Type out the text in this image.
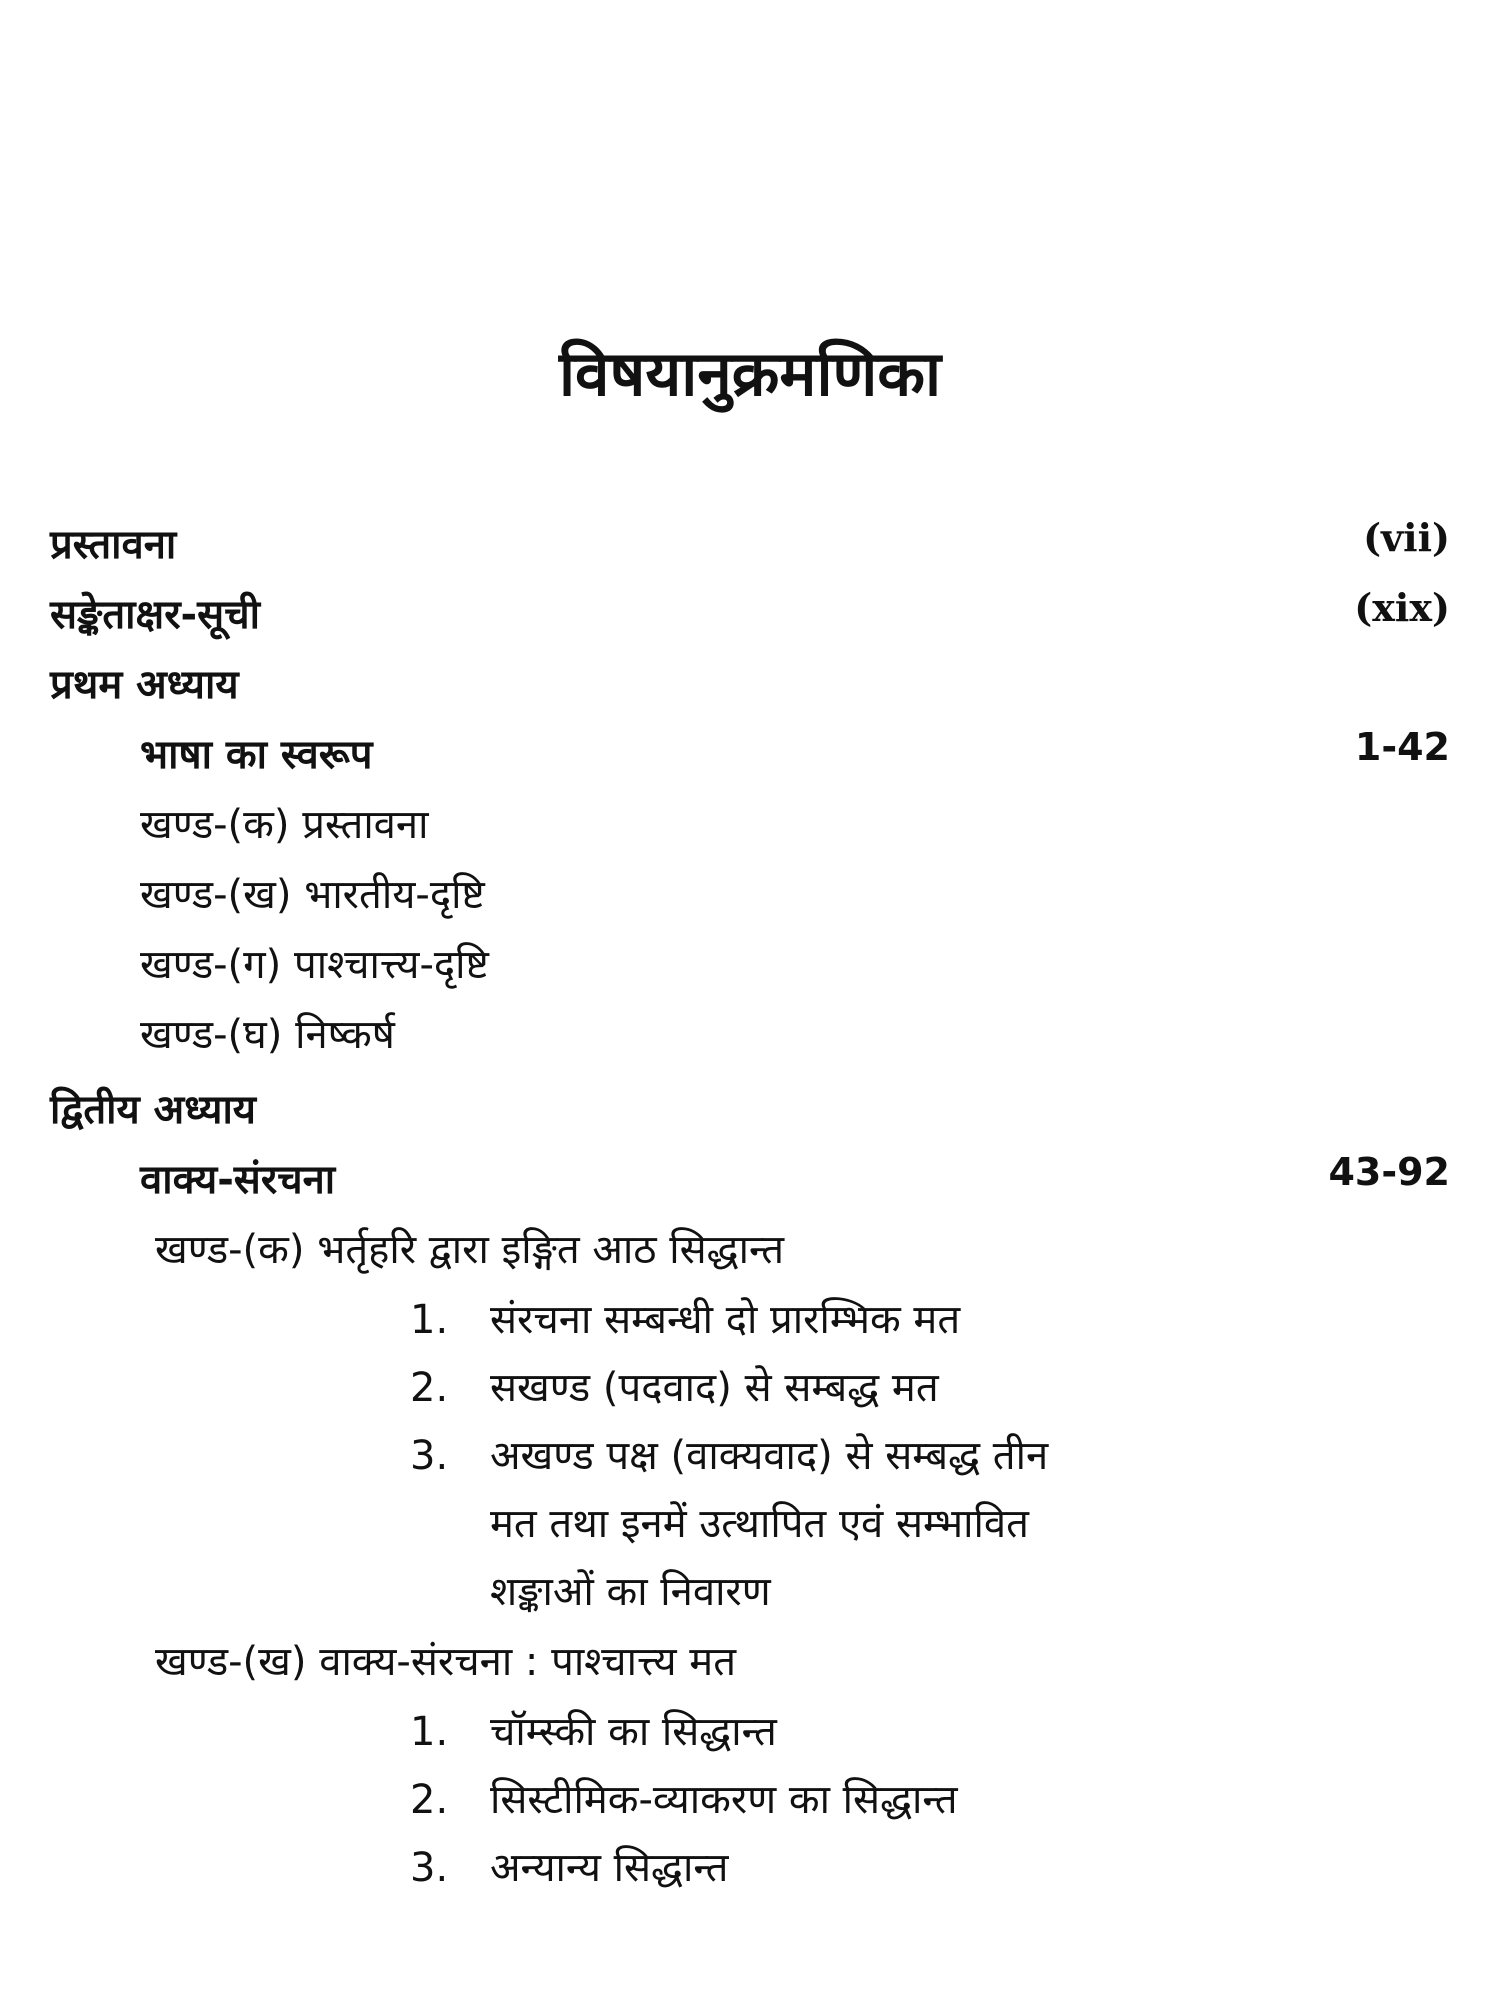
विषयानुक्रमणिका
प्रस्तावना	(vii)
सङ्केताक्षर-सूची	(xix)
प्रथम अध्याय
भाषा का स्वरूप	1-42
खण्ड-(क) प्रस्तावना
खण्ड-(ख) भारतीय-दृष्टि
खण्ड-(ग) पाश्चात्त्य-दृष्टि
खण्ड-(घ) निष्कर्ष
द्वितीय अध्याय
वाक्य-संरचना	43-92
खण्ड-(क) भर्तृहरि द्वारा इङ्गित आठ सिद्धान्त
1. संरचना सम्बन्धी दो प्रारम्भिक मत
2. सखण्ड (पदवाद) से सम्बद्ध मत
3. अखण्ड पक्ष (वाक्यवाद) से सम्बद्ध तीन
मत तथा इनमें उत्थापित एवं सम्भावित
शङ्काओं का निवारण
खण्ड-(ख) वाक्य-संरचना : पाश्चात्त्य मत
1. चॉम्स्की का सिद्धान्त
2. सिस्टीमिक-व्याकरण का सिद्धान्त
3. अन्यान्य सिद्धान्त
